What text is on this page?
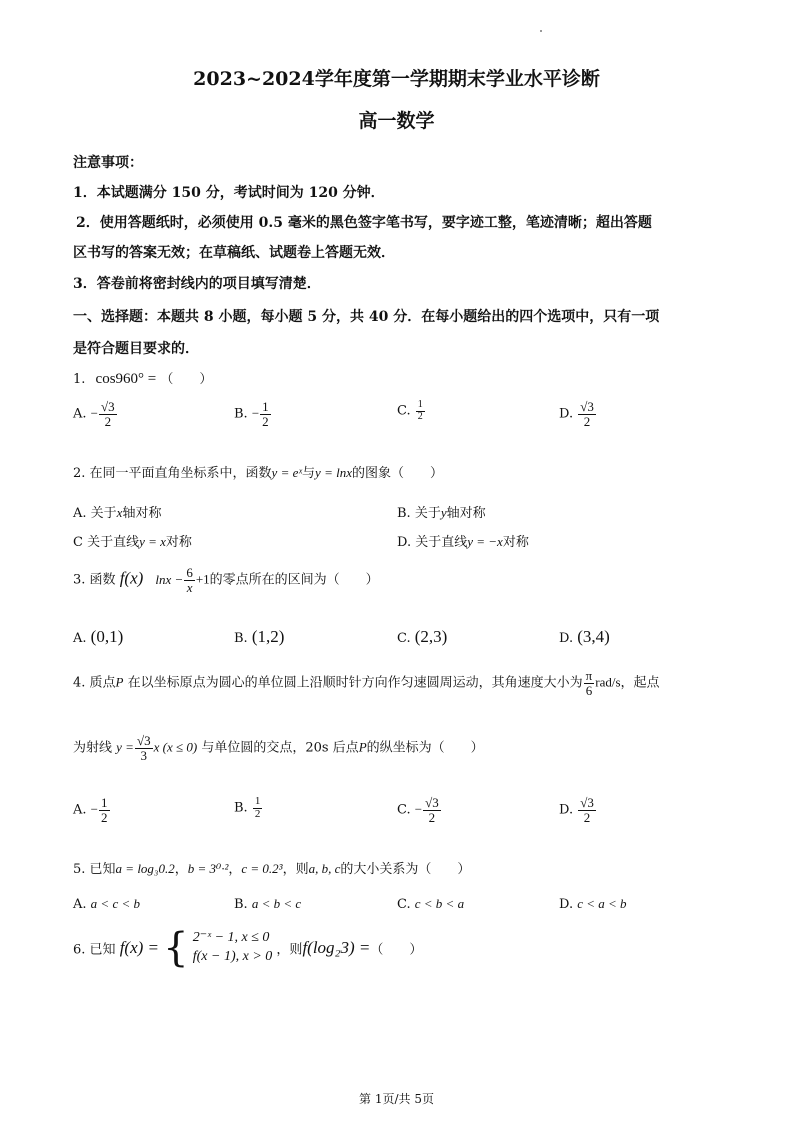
2023~2024学年度第一学期期末学业水平诊断
高一数学
注意事项：
1．本试题满分 150 分，考试时间为 120 分钟．
2．使用答题纸时，必须使用 0.5 毫米的黑色签字笔书写，要字迹工整，笔迹清晰；超出答题
区书写的答案无效；在草稿纸、试题卷上答题无效．
3．答卷前将密封线内的项目填写清楚．
一、选择题：本题共 8 小题，每小题 5 分，共 40 分．在每小题给出的四个选项中，只有一项
是符合题目要求的．
1. cos960° = （　　）
A. − $\frac{√3}{2}$	B. − $\frac{1}{2}$	C. $\frac{1}{2}$	D. $\frac{√3}{2}$
2. 在同一平面直角坐标系中，函数y = eˣ与y = lnx的图象（　　）
A. 关于x轴对称	B. 关于y轴对称
C 关于直线y = x对称	D. 关于直线y = −x对称
3. 函数 f(x) $\ln x - \frac{6}{x} +1$的零点所在的区间为（　　）
A. (0,1)	B. (1,2)	C. (2,3)	D. (3,4)
4. 质点P 在以坐标原点为圆心的单位圆上沿顺时针方向作匀速圆周运动，其角速度大小为 $\frac{\pi}{6} rad/s$，起点
为射线 $y = \frac{√3}{3}$ x (x ≤ 0) 与单位圆的交点，20s 后点P的纵坐标为（　　）
A. − $\frac{1}{2}$	B. $\frac{1}{2}$	C. − $\frac{√3}{2}$	D. $\frac{√3}{2}$
5. 已知a = log₃0.2，b = 3⁰·²，c = 0.2³，则a, b, c的大小关系为（　　）
A. a < c < b	B. a < b < c	C. c < b < a	D. c < a < b
6. 已知 f(x) = { 2⁻ˣ − 1, x ≤ 0
f(x − 1), x > 0 ，则f(log₂3) =（　　）
第 1页/共 5页
